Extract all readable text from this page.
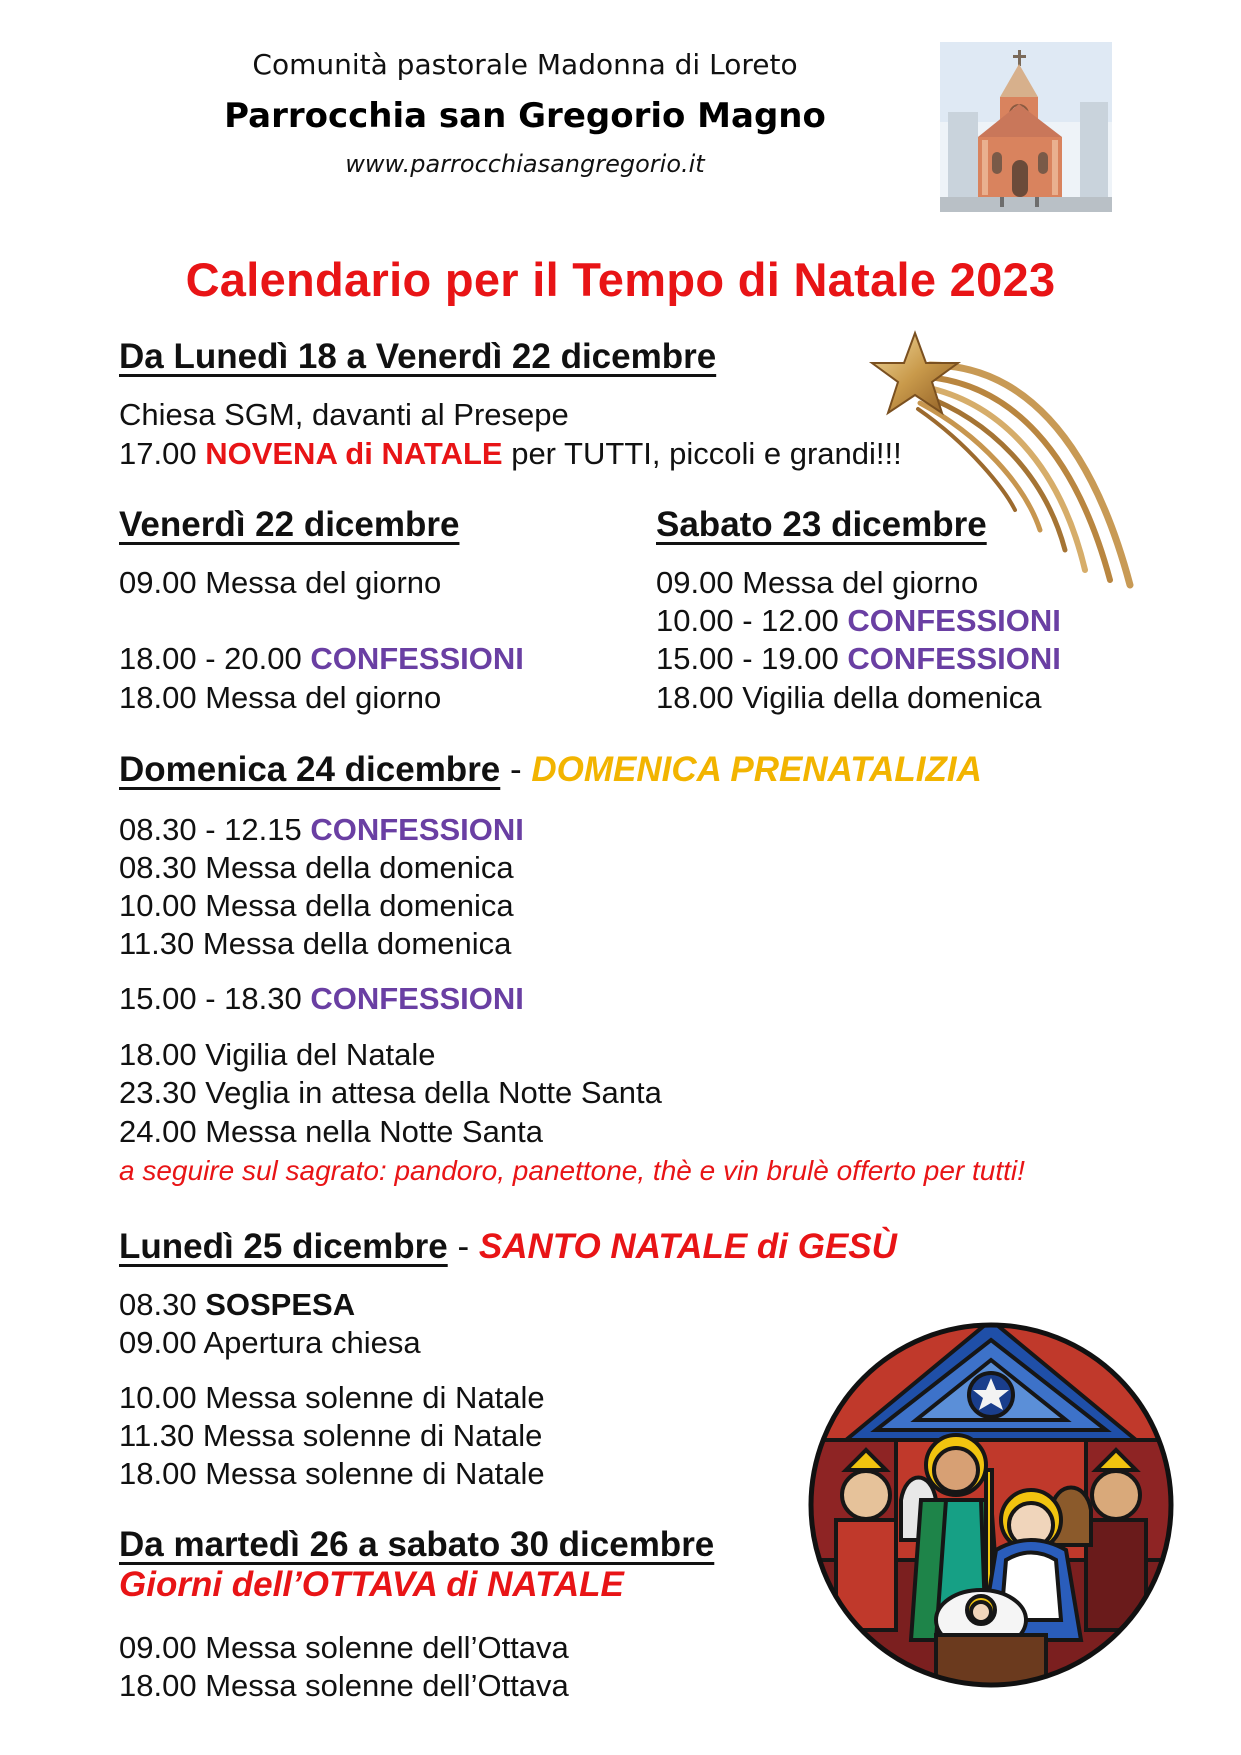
Comunità pastorale Madonna di Loreto
Parrocchia san Gregorio Magno
www.parrocchiasangregorio.it
Calendario per il Tempo di Natale 2023
Da Lunedì 18 a Venerdì 22 dicembre
Chiesa SGM, davanti al Presepe
17.00 NOVENA di NATALE per TUTTI, piccoli e grandi!!!
Venerdì 22 dicembre
09.00 Messa del giorno
18.00 - 20.00 CONFESSIONI
18.00 Messa del giorno
Sabato 23 dicembre
09.00 Messa del giorno
10.00 - 12.00 CONFESSIONI
15.00 - 19.00 CONFESSIONI
18.00 Vigilia della domenica
Domenica 24 dicembre - DOMENICA PRENATALIZIA
08.30 - 12.15 CONFESSIONI
08.30 Messa della domenica
10.00 Messa della domenica
11.30 Messa della domenica
15.00 - 18.30 CONFESSIONI
18.00 Vigilia del Natale
23.30 Veglia in attesa della Notte Santa
24.00 Messa nella Notte Santa
a seguire sul sagrato: pandoro, panettone, thè e vin brulè offerto per tutti!
Lunedì 25 dicembre - SANTO NATALE di GESÙ
08.30 SOSPESA
09.00 Apertura chiesa
10.00 Messa solenne di Natale
11.30 Messa solenne di Natale
18.00 Messa solenne di Natale
Da martedì 26 a sabato 30 dicembre
Giorni dell’OTTAVA di NATALE
09.00 Messa solenne dell’Ottava
18.00 Messa solenne dell’Ottava
